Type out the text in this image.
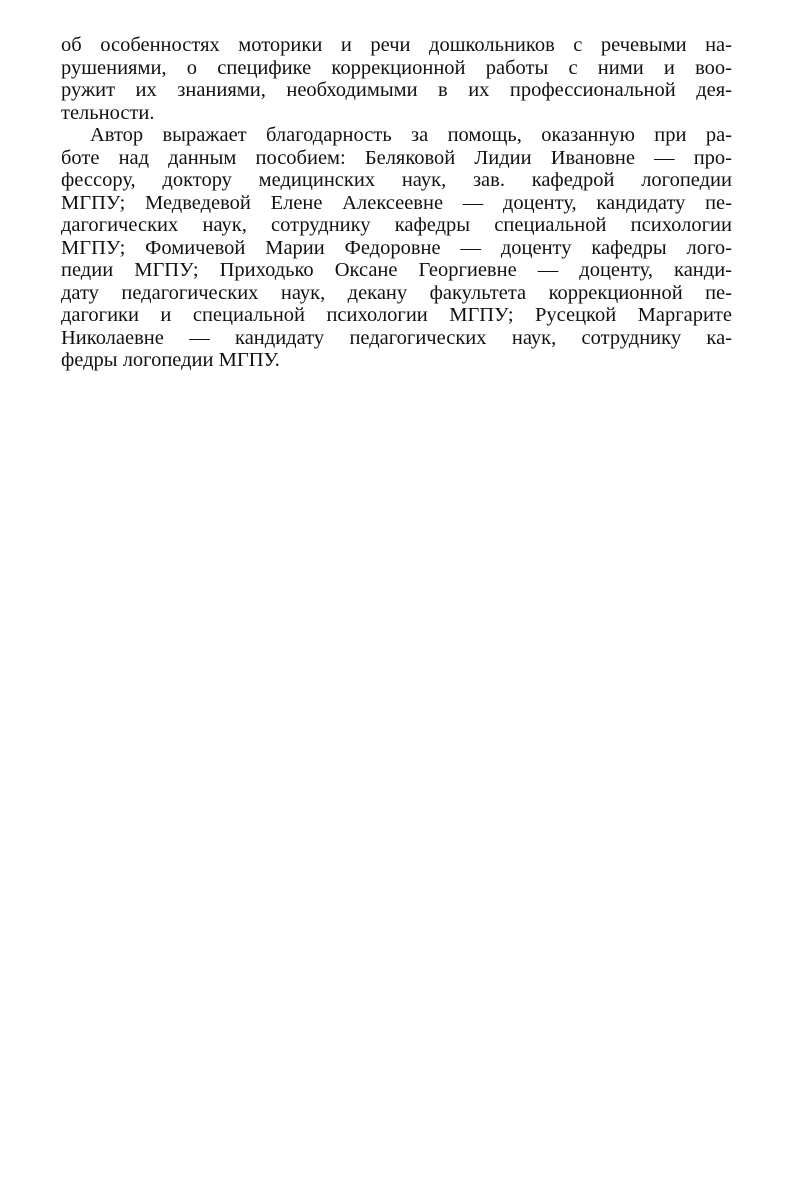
об особенностях моторики и речи дошкольников с речевыми на-
рушениями, о специфике коррекционной работы с ними и воо-
ружит их знаниями, необходимыми в их профессиональной дея-
тельности.

Автор выражает благодарность за помощь, оказанную при ра-
боте над данным пособием: Беляковой Лидии Ивановне — про-
фессору, доктору медицинских наук, зав. кафедрой логопедии
МГПУ; Медведевой Елене Алексеевне — доценту, кандидату пе-
дагогических наук, сотруднику кафедры специальной психологии
МГПУ; Фомичевой Марии Федоровне — доценту кафедры лого-
педии МГПУ; Приходько Оксане Георгиевне — доценту, канди-
дату педагогических наук, декану факультета коррекционной пе-
дагогики и специальной психологии МГПУ; Русецкой Маргарите
Николаевне — кандидату педагогических наук, сотруднику ка-
федры логопедии МГПУ.
